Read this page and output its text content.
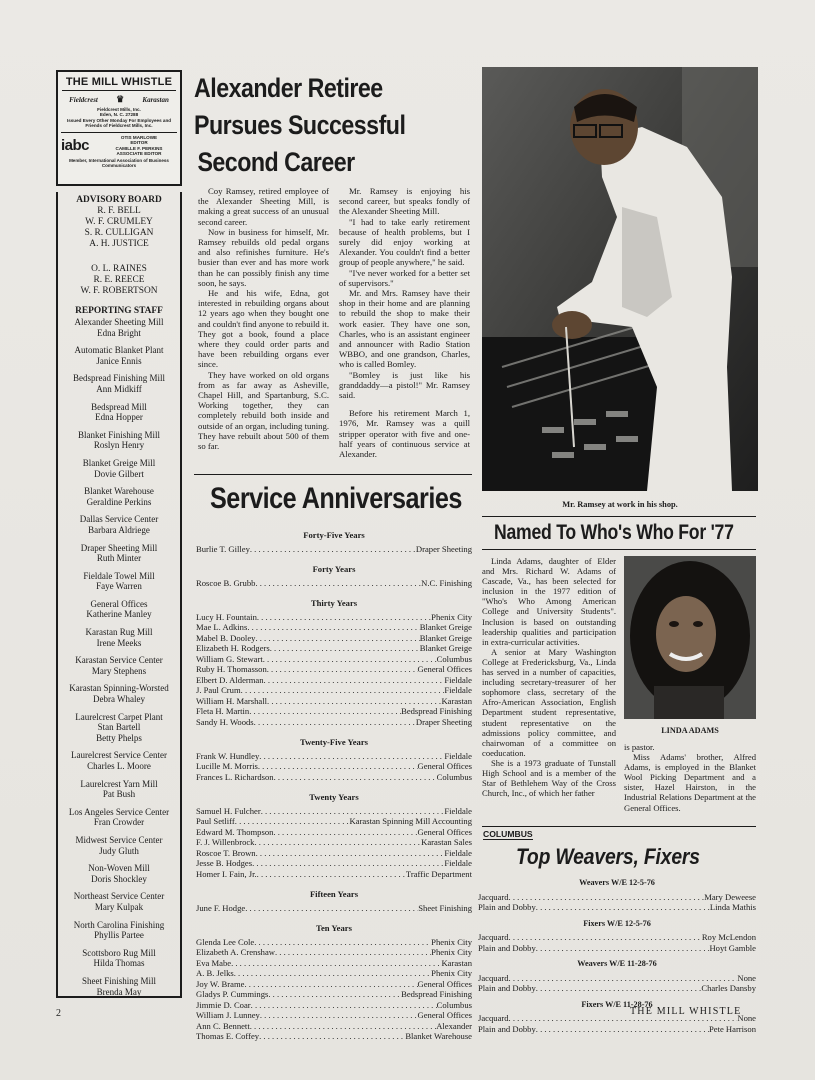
THE MILL WHISTLE
Fieldcrest ♛	Karastan
Fieldcrest Mills, Inc.
Eden, N. C. 27288
Issued Every Other Monday For Employees and Friends of Fieldcrest Mills, Inc.
iabc	OTIS MARLOWE
EDITOR
CAMILLE F. PERKINS
ASSOCIATE EDITOR
Member, International Association of Business Communicators
ADVISORY BOARD
R. F. BELL
W. F. CRUMLEY
S. R. CULLIGAN
A. H. JUSTICE
O. L. RAINES
R. E. REECE
W. F. ROBERTSON
REPORTING STAFF
Alexander Sheeting Mill
Edna Bright
Automatic Blanket Plant
Janice Ennis
Bedspread Finishing Mill
Ann Midkiff
Bedspread Mill
Edna Hopper
Blanket Finishing Mill
Roslyn Henry
Blanket Greige Mill
Dovie Gilbert
Blanket Warehouse
Geraldine Perkins
Dallas Service Center
Barbara Aldriege
Draper Sheeting Mill
Ruth Minter
Fieldale Towel Mill
Faye Warren
General Offices
Katherine Manley
Karastan Rug Mill
Irene Meeks
Karastan Service Center
Mary Stephens
Karastan Spinning-Worsted
Debra Whaley
Laurelcrest Carpet Plant
Stan Bartell
Betty Phelps
Laurelcrest Service Center
Charles L. Moore
Laurelcrest Yarn Mill
Pat Bush
Los Angeles Service Center
Fran Crowder
Midwest Service Center
Judy Gluth
Non-Woven Mill
Doris Shockley
Northeast Service Center
Mary Kulpak
North Carolina Finishing
Phyllis Partee
Scottsboro Rug Mill
Hilda Thomas
Sheet Finishing Mill
Brenda May
Alexander Retiree
Pursues Successful
Second Career

Coy Ramsey, retired employee of the Alexander Sheeting Mill, is making a great success of an unusual second career.

Now in business for himself, Mr. Ramsey rebuilds old pedal organs and also refinishes furniture. He's busier than ever and has more work than he can possibly finish any time soon, he says.

He and his wife, Edna, got interested in rebuilding organs about 12 years ago when they bought one and couldn't find anyone to rebuild it. They got a book, found a place where they could order parts and have been rebuilding organs ever since.

They have worked on old organs from as far away as Asheville, Chapel Hill, and Spartanburg, S.C. Working together, they can completely rebuild both inside and outside of an organ, including tuning. They have rebuilt about 500 of them so far.

Mr. Ramsey is enjoying his second career, but speaks fondly of the Alexander Sheeting Mill.

"I had to take early retirement because of health problems, but I surely did enjoy working at Alexander. You couldn't find a better group of people anywhere," he said.

"I've never worked for a better set of supervisors."

Mr. and Mrs. Ramsey have their shop in their home and are planning to rebuild the shop to make their work easier. They have one son, Charles, who is an assistant engineer and announcer with Radio Station WBBO, and one grandson, Charles, who is called Bomley.

"Bomley is just like his granddaddy—a pistol!" Mr. Ramsey said.

Before his retirement March 1, 1976, Mr. Ramsey was a quill stripper operator with five and one-half years of continuous service at Alexander.

Mr. Ramsey at work in his shop.
Service Anniversaries
Forty-Five Years
Burlie T. Gilley . . .	Draper Sheeting
Forty Years
Roscoe B. Grubb . . .	N.C. Finishing
Thirty Years
Lucy H. Fountain . . .	Phenix City
Mae L. Adkins . . .	Blanket Greige
Mabel B. Dooley . . .	Blanket Greige
Elizabeth H. Rodgers . . .	Blanket Greige
William G. Stewart . . .	Columbus
Ruby H. Thomasson . . .	General Offices
Elbert D. Alderman . . .	Fieldale
J. Paul Crum . . .	Fieldale
William H. Marshall . . .	Karastan
Fleta H. Martin . . .	Bedspread Finishing
Sandy H. Woods . . .	Draper Sheeting
Twenty-Five Years
Frank W. Hundley . . .	Fieldale
Lucille M. Morris . . .	General Offices
Frances L. Richardson . . .	Columbus
Twenty Years
Samuel H. Fulcher . . .	Fieldale
Paul Setliff . . .	Karastan Spinning Mill Accounting
Edward M. Thompson . . .	General Offices
F. J. Willenbrock . . .	Karastan Sales
Roscoe T. Brown . . .	Fieldale
Jesse B. Hodges . . .	Fieldale
Homer I. Fain, Jr. . . .	Traffic Department
Fifteen Years
June F. Hodge . . .	Sheet Finishing
Ten Years
Glenda Lee Cole . . .	Phenix City
Elizabeth A. Crenshaw . . .	Phenix City
Eva Mabe . . .	Karastan
A. B. Jelks . . .	Phenix City
Joy W. Brame . . .	General Offices
Gladys P. Cummings . . .	Bedspread Finishing
Jimmie D. Coar . . .	Columbus
William J. Lunney . . .	General Offices
Ann C. Bennett . . .	Alexander
Thomas E. Coffey . . .	Blanket Warehouse
Named To Who's Who For '77

Linda Adams, daughter of Elder and Mrs. Richard W. Adams of Cascade, Va., has been selected for inclusion in the 1977 edition of "Who's Who Among American College and University Students". Inclusion is based on outstanding leadership qualities and participation in extra-curricular activities.

A senior at Mary Washington College at Fredericksburg, Va., Linda has served in a number of capacities, including secretary-treasurer of her sophomore class, secretary of the Afro-American Association, English Department student representative, student representative on the admissions policy committee, and chairwoman of a committee on coeducation.

She is a 1973 graduate of Tunstall High School and is a member of the Star of Bethlehem Way of the Cross Church, Inc., of which her father

LINDA ADAMS

is pastor.

Miss Adams' brother, Alfred Adams, is employed in the Blanket Wool Picking Department and a sister, Hazel Hairston, in the Industrial Relations Department at the General Offices.

COLUMBUS
Top Weavers, Fixers
Weavers W/E 12-5-76
Jacquard . . .	Mary Deweese
Plain and Dobby . . .	Linda Mathis
Fixers W/E 12-5-76
Jacquard . . .	Roy McLendon
Plain and Dobby . . .	Hoyt Gamble
Weavers W/E 11-28-76
Jacquard . . .	None
Plain and Dobby . . .	Charles Dansby
Fixers W/E 11-28-76
Jacquard . . .	None
Plain and Dobby . . .	Pete Harrison
2	THE MILL WHISTLE
